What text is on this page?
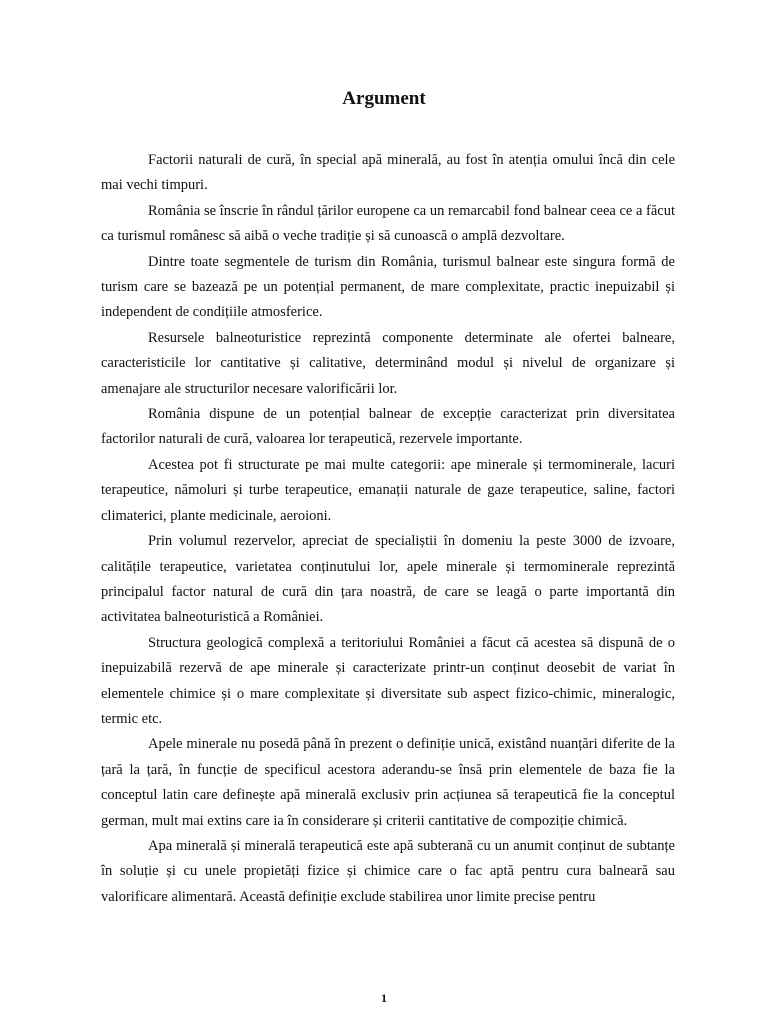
Argument

Factorii naturali de cură, în special apă minerală, au fost în atenția omului încă din cele mai vechi timpuri.

România se înscrie în rândul țărilor europene ca un remarcabil fond balnear ceea ce a făcut ca turismul românesc să aibă o veche tradiție și să cunoască o amplă dezvoltare.

Dintre toate segmentele de turism din România, turismul balnear este singura formă de turism care se bazează pe un potențial permanent, de mare complexitate, practic inepuizabil și independent de condițiile atmosferice.

Resursele balneoturistice reprezintă componente determinate ale ofertei balneare, caracteristicile lor cantitative și calitative, determinând modul și nivelul de organizare și amenajare ale structurilor necesare valorificării lor.

România dispune de un potențial balnear de excepție caracterizat prin diversitatea factorilor naturali de cură, valoarea lor terapeutică, rezervele importante.

Acestea pot fi structurate pe mai multe categorii: ape minerale și termominerale, lacuri terapeutice, nămoluri și turbe terapeutice, emanații naturale de gaze terapeutice, saline, factori climaterici, plante medicinale, aeroioni.

Prin volumul rezervelor, apreciat de specialiștii în domeniu la peste 3000 de izvoare, calitățile terapeutice, varietatea conținutului lor, apele minerale și termominerale reprezintă principalul factor natural de cură din țara noastră, de care se leagă o parte importantă din activitatea balneoturistică a României.

Structura geologică complexă a teritoriului României a făcut că acestea să dispună de o inepuizabilă rezervă de ape minerale și caracterizate printr-un conținut deosebit de variat în elementele chimice și o mare complexitate și diversitate sub aspect fizico-chimic, mineralogic, termic etc.

Apele minerale nu posedă până în prezent o definiție unică, existând nuanțări diferite de la țară la țară, în funcție de specificul acestora aderandu-se însă prin elementele de baza fie la conceptul latin care definește apă minerală exclusiv prin acțiunea să terapeutică fie la conceptul german, mult mai extins care ia în considerare și criterii cantitative de compoziție chimică.

Apa minerală și minerală terapeutică este apă subterană cu un anumit conținut de subtanțe în soluție și cu unele propietăți fizice și chimice care o fac aptă pentru cura balneară sau valorificare alimentară. Această definiție exclude stabilirea unor limite precise pentru

1
